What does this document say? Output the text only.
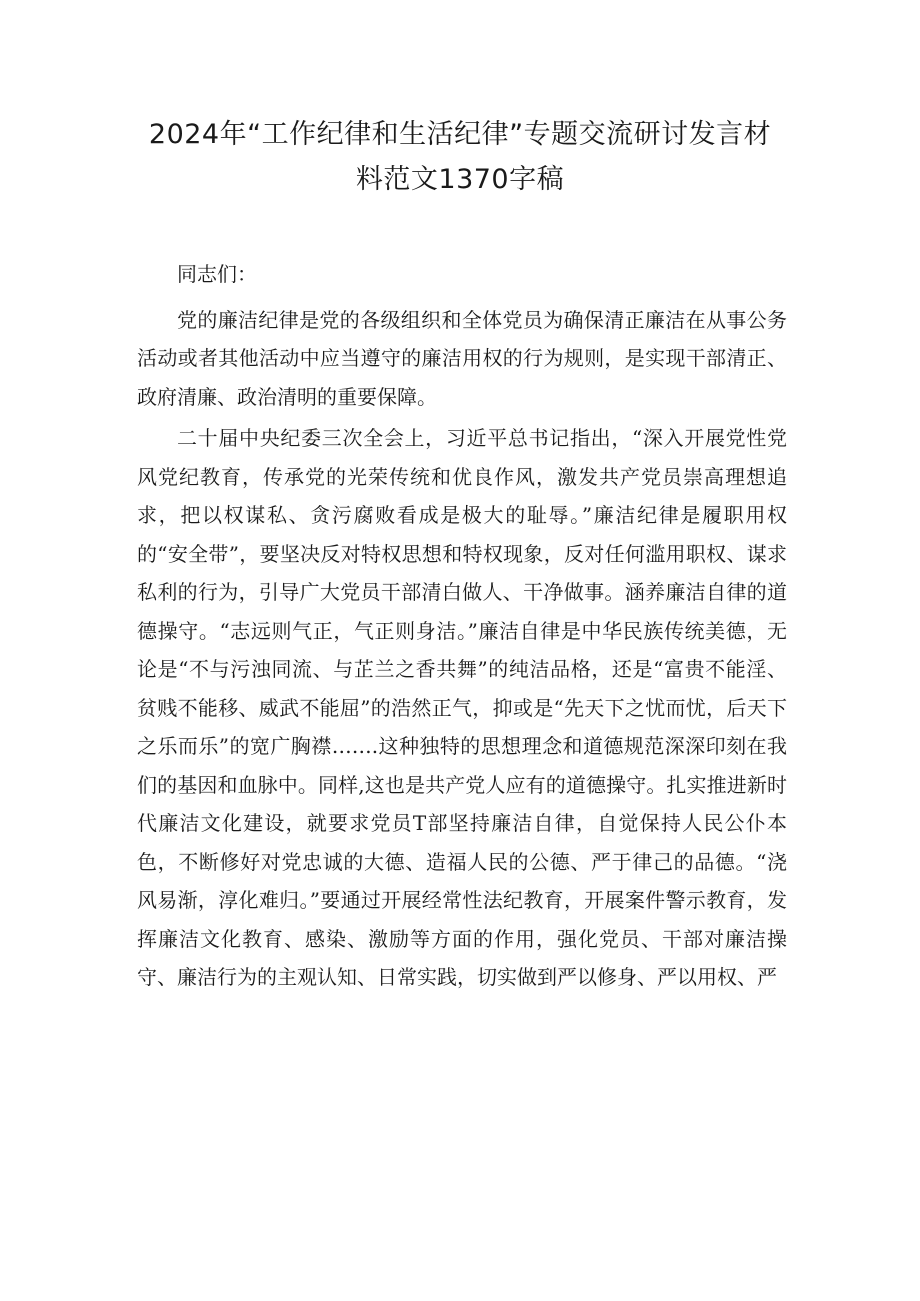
2024年“工作纪律和生活纪律”专题交流研讨发言材
料范文1370字稿

同志们：

党的廉洁纪律是党的各级组织和全体党员为确保清正廉洁在从事公务活动或者其他活动中应当遵守的廉洁用权的行为规则，是实现干部清正、政府清廉、政治清明的重要保障。

二十届中央纪委三次全会上，习近平总书记指出，“深入开展党性党风党纪教育，传承党的光荣传统和优良作风，激发共产党员崇高理想追求，把以权谋私、贪污腐败看成是极大的耻辱。”廉洁纪律是履职用权的“安全带”，要坚决反对特权思想和特权现象，反对任何滥用职权、谋求私利的行为，引导广大党员干部清白做人、干净做事。涵养廉洁自律的道德操守。“志远则气正，气正则身洁。”廉洁自律是中华民族传统美德，无论是“不与污浊同流、与芷兰之香共舞”的纯洁品格，还是“富贵不能淫、贫贱不能移、威武不能屈”的浩然正气，抑或是“先天下之忧而忧，后天下之乐而乐”的宽广胸襟…….这种独特的思想理念和道德规范深深印刻在我们的基因和血脉中。同样,这也是共产党人应有的道德操守。扎实推进新时代廉洁文化建设，就要求党员T部坚持廉洁自律，自觉保持人民公仆本色，不断修好对党忠诚的大德、造福人民的公德、严于律己的品德。“浇风易渐，淳化难归。”要通过开展经常性法纪教育，开展案件警示教育，发挥廉洁文化教育、感染、激励等方面的作用，强化党员、干部对廉洁操守、廉洁行为的主观认知、日常实践，切实做到严以修身、严以用权、严
